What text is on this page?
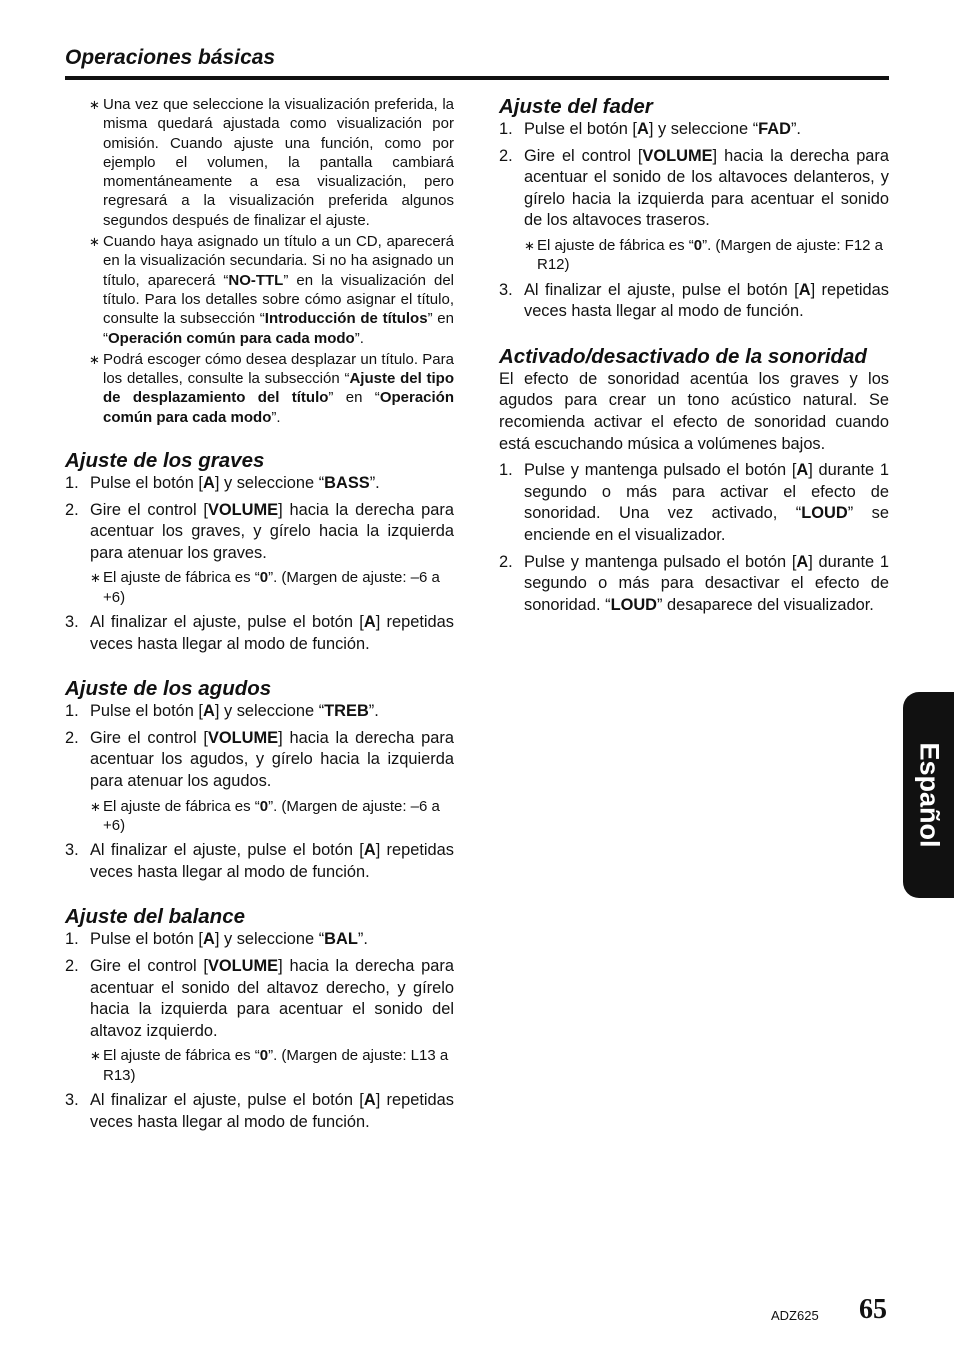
Operaciones básicas
∗ Una vez que seleccione la visualización preferida, la misma quedará ajustada como visualización por omisión. Cuando ajuste una función, como por ejemplo el volumen, la pantalla cambiará momentáneamente a esa visualización, pero regresará a la visualización preferida algunos segundos después de finalizar el ajuste.
∗ Cuando haya asignado un título a un CD, aparecerá en la visualización secundaria. Si no ha asignado un título, aparecerá “NO-TTL” en la visualización del título. Para los detalles sobre cómo asignar el título, consulte la subsección “Introducción de títulos” en “Operación común para cada modo”.
∗ Podrá escoger cómo desea desplazar un título. Para los detalles, consulte la subsección “Ajuste del tipo de desplazamiento del título” en “Operación común para cada modo”.
Ajuste de los graves
1. Pulse el botón [A] y seleccione “BASS”.
2. Gire el control [VOLUME] hacia la derecha para acentuar los graves, y gírelo hacia la izquierda para atenuar los graves.
∗ El ajuste de fábrica es “0”. (Margen de ajuste: –6 a +6)
3. Al finalizar el ajuste, pulse el botón [A] repetidas veces hasta llegar al modo de función.
Ajuste de los agudos
1. Pulse el botón [A] y seleccione “TREB”.
2. Gire el control [VOLUME] hacia la derecha para acentuar los agudos, y gírelo hacia la izquierda para atenuar los agudos.
∗ El ajuste de fábrica es “0”. (Margen de ajuste: –6 a +6)
3. Al finalizar el ajuste, pulse el botón [A] repetidas veces hasta llegar al modo de función.
Ajuste del balance
1. Pulse el botón [A] y seleccione “BAL”.
2. Gire el control [VOLUME] hacia la derecha para acentuar el sonido del altavoz derecho, y gírelo hacia la izquierda para acentuar el sonido del altavoz izquierdo.
∗ El ajuste de fábrica es “0”. (Margen de ajuste: L13 a R13)
3. Al finalizar el ajuste, pulse el botón [A] repetidas veces hasta llegar al modo de función.
Ajuste del fader
1. Pulse el botón [A] y seleccione “FAD”.
2. Gire el control [VOLUME] hacia la derecha para acentuar el sonido de los altavoces delanteros, y gírelo hacia la izquierda para acentuar el sonido de los altavoces traseros.
∗ El ajuste de fábrica es “0”. (Margen de ajuste: F12 a R12)
3. Al finalizar el ajuste, pulse el botón [A] repetidas veces hasta llegar al modo de función.
Activado/desactivado de la sonoridad
El efecto de sonoridad acentúa los graves y los agudos para crear un tono acústico natural. Se recomienda activar el efecto de sonoridad cuando está escuchando música a volúmenes bajos.
1. Pulse y mantenga pulsado el botón [A] durante 1 segundo o más para activar el efecto de sonoridad. Una vez activado, “LOUD” se enciende en el visualizador.
2. Pulse y mantenga pulsado el botón [A] durante 1 segundo o más para desactivar el efecto de sonoridad. “LOUD” desaparece del visualizador.
Español
ADZ625 65
